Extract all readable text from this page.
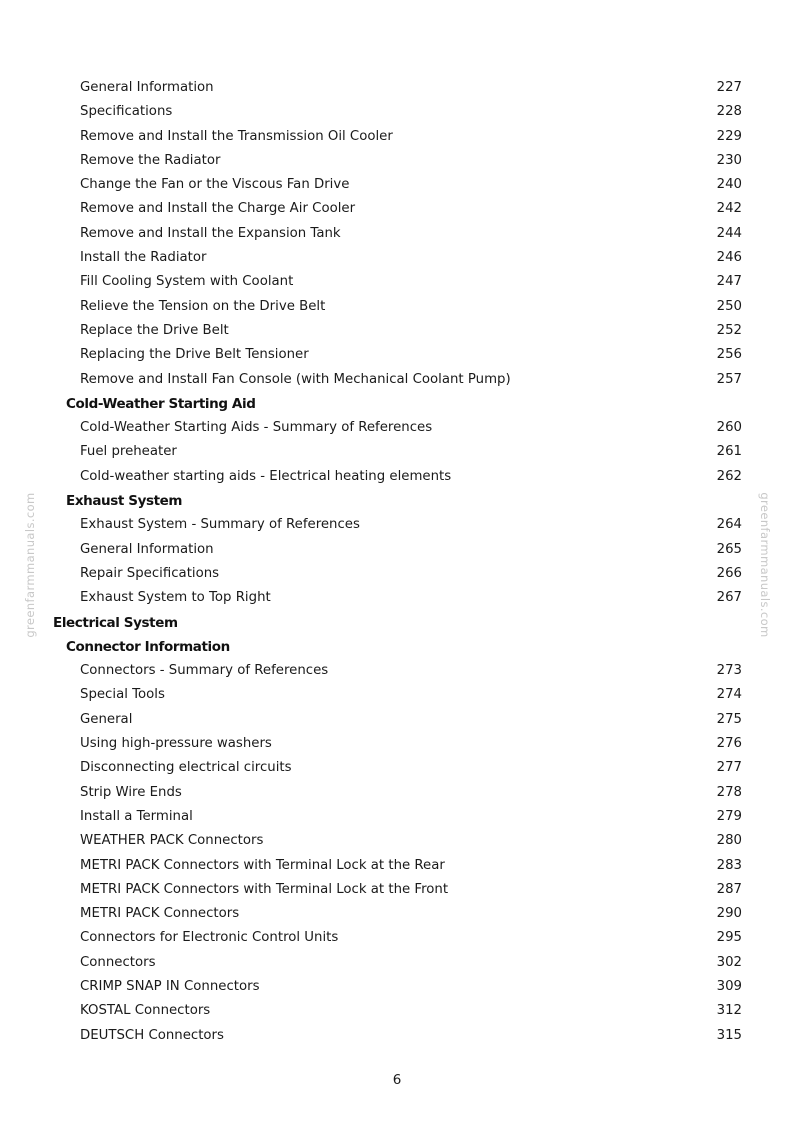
General Information	227
Specifications	228
Remove and Install the Transmission Oil Cooler	229
Remove the Radiator	230
Change the Fan or the Viscous Fan Drive	240
Remove and Install the Charge Air Cooler	242
Remove and Install the Expansion Tank	244
Install the Radiator	246
Fill Cooling System with Coolant	247
Relieve the Tension on the Drive Belt	250
Replace the Drive Belt	252
Replacing the Drive Belt Tensioner	256
Remove and Install Fan Console (with Mechanical Coolant Pump)	257
Cold-Weather Starting Aid
Cold-Weather Starting Aids - Summary of References	260
Fuel preheater	261
Cold-weather starting aids - Electrical heating elements	262
Exhaust System
Exhaust System - Summary of References	264
General Information	265
Repair Specifications	266
Exhaust System to Top Right	267
Electrical System
Connector Information
Connectors - Summary of References	273
Special Tools	274
General	275
Using high-pressure washers	276
Disconnecting electrical circuits	277
Strip Wire Ends	278
Install a Terminal	279
WEATHER PACK Connectors	280
METRI PACK Connectors with Terminal Lock at the Rear	283
METRI PACK Connectors with Terminal Lock at the Front	287
METRI PACK Connectors	290
Connectors for Electronic Control Units	295
Connectors	302
CRIMP SNAP IN Connectors	309
KOSTAL Connectors	312
DEUTSCH Connectors	315
greenfarmmanuals.com	greenfarmmanuals.com
6
